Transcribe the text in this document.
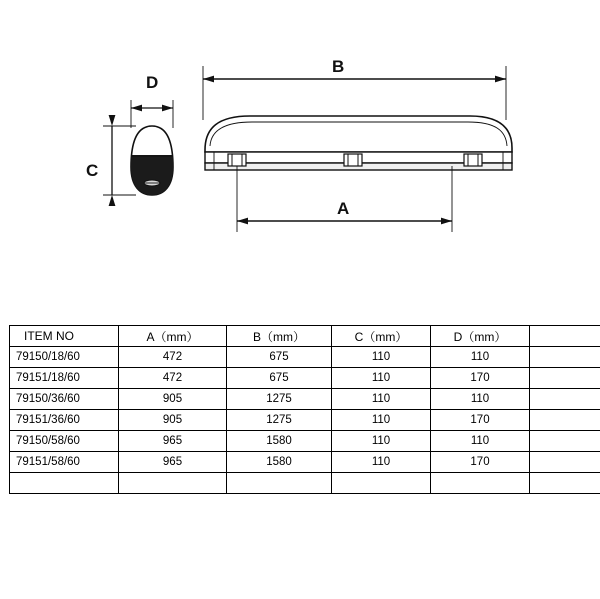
B
A
C
D
ITEM NO	A（mm）	B（mm）	C（mm）	D（mm）	
79150/18/60	472	675	110	110	
79151/18/60	472	675	110	170	
79150/36/60	905	1275	110	110	
79151/36/60	905	1275	110	170	
79150/58/60	965	1580	110	110	
79151/58/60	965	1580	110	170	
